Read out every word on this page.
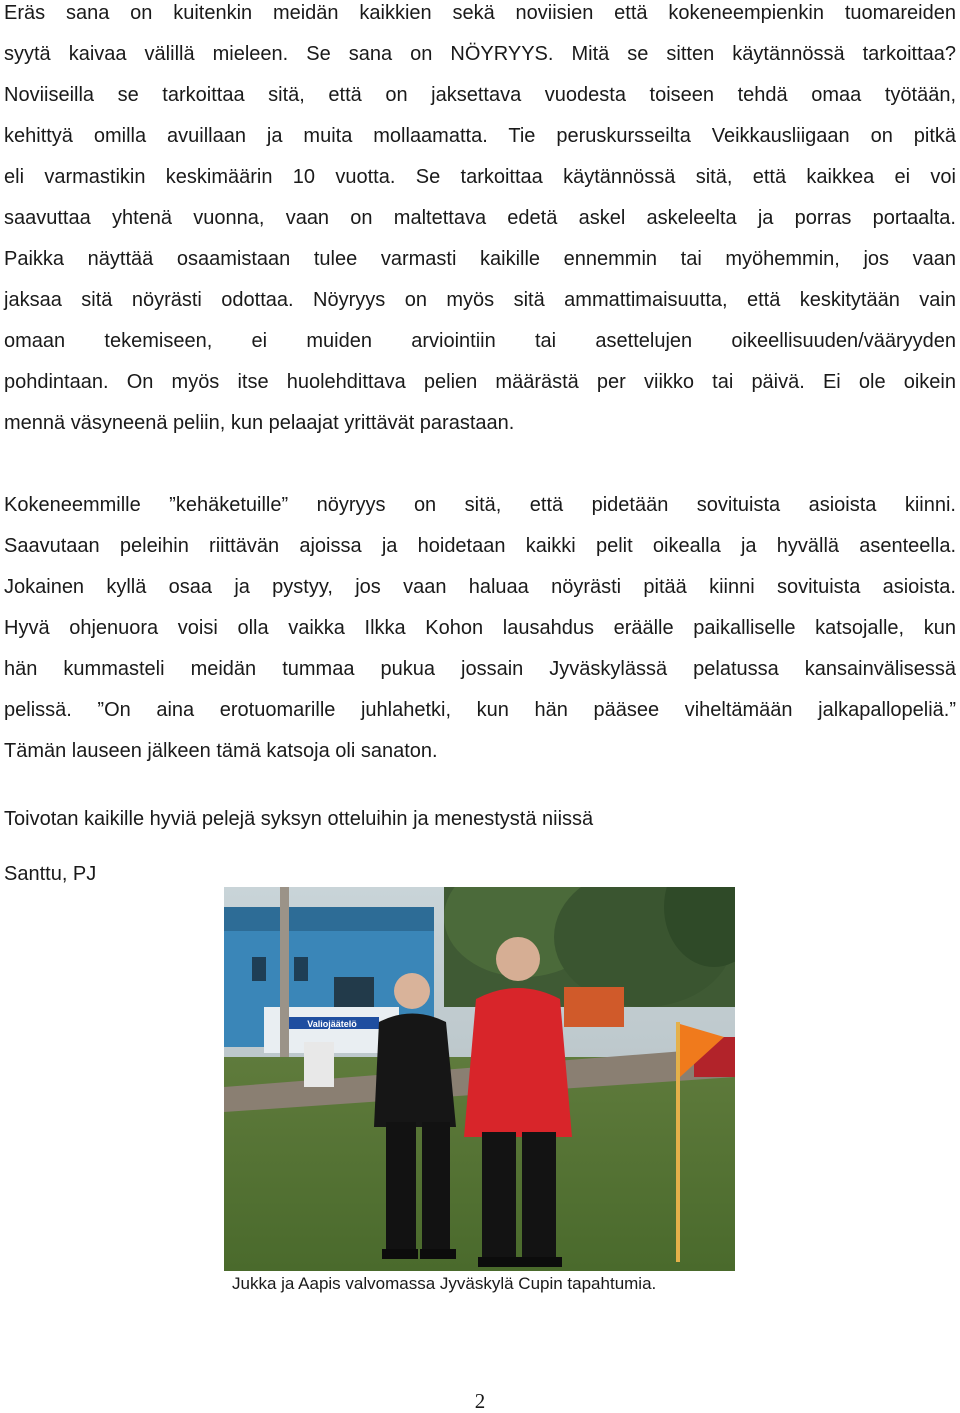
Eräs sana on kuitenkin meidän kaikkien sekä noviisien että kokeneempienkin tuomareiden
syytä kaivaa välillä mieleen. Se sana on NÖYRYYS. Mitä se sitten käytännössä tarkoittaa?
Noviiseilla se tarkoittaa sitä, että on jaksettava vuodesta toiseen tehdä omaa työtään,
kehittyä omilla avuillaan ja muita mollaamatta. Tie peruskursseilta Veikkausliigaan on pitkä
eli varmastikin keskimäärin 10 vuotta. Se tarkoittaa käytännössä sitä, että kaikkea ei voi
saavuttaa yhtenä vuonna, vaan on maltettava edetä askel askeleelta ja porras portaalta.
Paikka näyttää osaamistaan tulee varmasti kaikille ennemmin tai myöhemmin, jos vaan
jaksaa sitä nöyrästi odottaa. Nöyryys on myös sitä ammattimaisuutta, että keskitytään vain
omaan tekemiseen, ei muiden arviointiin tai asettelujen oikeellisuuden/vääryyden
pohdintaan. On myös itse huolehdittava pelien määrästä per viikko tai päivä. Ei ole oikein
mennä väsyneenä peliin, kun pelaajat yrittävät parastaan.
Kokeneemmille ”kehäketuille” nöyryys on sitä, että pidetään sovituista asioista kiinni.
Saavutaan peleihin riittävän ajoissa ja hoidetaan kaikki pelit oikealla ja hyvällä asenteella.
Jokainen kyllä osaa ja pystyy, jos vaan haluaa nöyrästi pitää kiinni sovituista asioista.
Hyvä ohjenuora voisi olla vaikka Ilkka Kohon lausahdus eräälle paikalliselle katsojalle, kun
hän kummasteli meidän tummaa pukua jossain Jyväskylässä pelatussa kansainvälisessä
pelissä. ”On aina erotuomarille juhlahetki, kun hän pääsee viheltämään jalkapallopeliä.”
Tämän lauseen jälkeen tämä katsoja oli sanaton.

Toivotan kaikille hyviä pelejä syksyn otteluihin ja menestystä niissä

Santtu, PJ

Valiojäätelö

Jukka ja Aapis valvomassa Jyväskylä Cupin tapahtumia.

2
